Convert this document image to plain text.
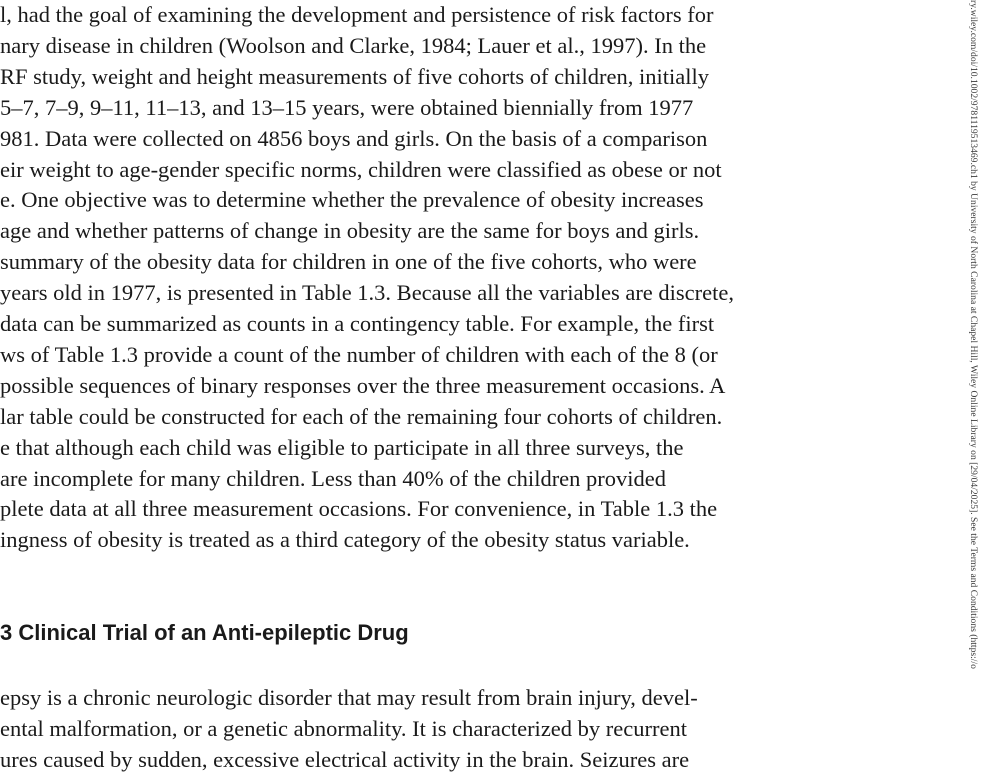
l, had the goal of examining the development and persistence of risk factors for
nary disease in children (Woolson and Clarke, 1984; Lauer et al., 1997). In the
RF study, weight and height measurements of five cohorts of children, initially
5–7, 7–9, 9–11, 11–13, and 13–15 years, were obtained biennially from 1977
981. Data were collected on 4856 boys and girls. On the basis of a comparison
eir weight to age-gender specific norms, children were classified as obese or not
e. One objective was to determine whether the prevalence of obesity increases
age and whether patterns of change in obesity are the same for boys and girls.
summary of the obesity data for children in one of the five cohorts, who were
years old in 1977, is presented in Table 1.3. Because all the variables are discrete,
data can be summarized as counts in a contingency table. For example, the first
ws of Table 1.3 provide a count of the number of children with each of the 8 (or
possible sequences of binary responses over the three measurement occasions. A
lar table could be constructed for each of the remaining four cohorts of children.
e that although each child was eligible to participate in all three surveys, the
are incomplete for many children. Less than 40% of the children provided
plete data at all three measurement occasions. For convenience, in Table 1.3 the
ingness of obesity is treated as a third category of the obesity status variable.
3 Clinical Trial of an Anti-epileptic Drug
epsy is a chronic neurologic disorder that may result from brain injury, devel-
ental malformation, or a genetic abnormality. It is characterized by recurrent
ures caused by sudden, excessive electrical activity in the brain. Seizures are
ry.wiley.com/doi/10.1002/9781119513469.ch1 by University of North Carolina at Chapel Hill, Wiley Online Library on [29/04/2025]. See the Terms and Conditions (https://o
